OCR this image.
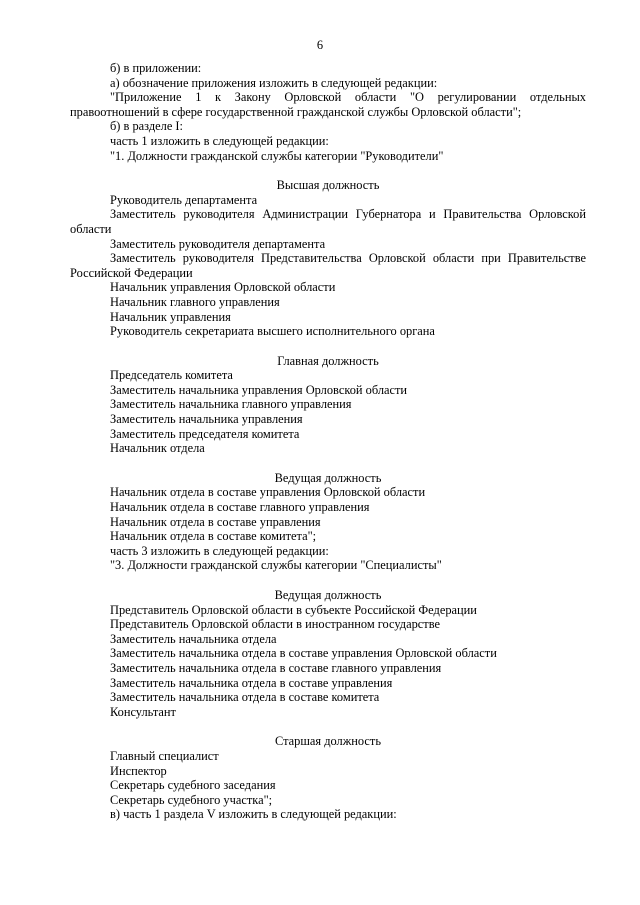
6
б) в приложении:
а) обозначение приложения изложить в следующей редакции:
"Приложение 1 к Закону Орловской области "О регулировании отдельных
правоотношений в сфере государственной гражданской службы Орловской области";
б) в разделе I:
часть 1 изложить в следующей редакции:
"1. Должности гражданской службы категории "Руководители"
Высшая должность
Руководитель департамента
Заместитель руководителя Администрации Губернатора и Правительства Орловской
области
Заместитель руководителя департамента
Заместитель руководителя Представительства Орловской области при Правительстве
Российской Федерации
Начальник управления Орловской области
Начальник главного управления
Начальник управления
Руководитель секретариата высшего исполнительного органа
Главная должность
Председатель комитета
Заместитель начальника управления Орловской области
Заместитель начальника главного управления
Заместитель начальника управления
Заместитель председателя комитета
Начальник отдела
Ведущая должность
Начальник отдела в составе управления Орловской области
Начальник отдела в составе главного управления
Начальник отдела в составе управления
Начальник отдела в составе комитета";
часть 3 изложить в следующей редакции:
"3. Должности гражданской службы категории "Специалисты"
Ведущая должность
Представитель Орловской области в субъекте Российской Федерации
Представитель Орловской области в иностранном государстве
Заместитель начальника отдела
Заместитель начальника отдела в составе управления Орловской области
Заместитель начальника отдела в составе главного управления
Заместитель начальника отдела в составе управления
Заместитель начальника отдела в составе комитета
Консультант
Старшая должность
Главный специалист
Инспектор
Секретарь судебного заседания
Секретарь судебного участка";
в) часть 1 раздела V изложить в следующей редакции:
